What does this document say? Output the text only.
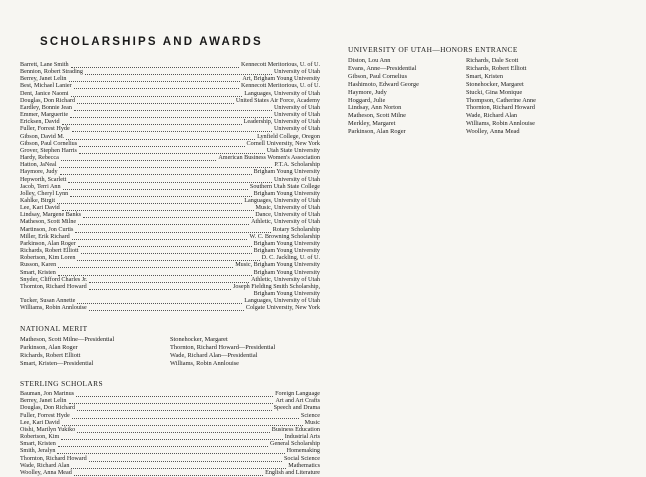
SCHOLARSHIPS AND AWARDS
Barrett, Lane Smith	Kennecott Meritorious, U. of U.
Bennion, Robert Strading	University of Utah
Berrey, Janet Lelin	Art, Brigham Young University
Best, Michael Lanier	Kennecott Meritorious, U. of U.
Dent, Janice Naomi	Languages, University of Utah
Douglas, Don Richard	United States Air Force, Academy
Eardley, Bonnie Jean	University of Utah
Emmer, Marguerite	University of Utah
Ericksen, David	Leadership, University of Utah
Fuller, Forrest Hyde	University of Utah
Gibson, David M.	Lynfield College, Oregon
Gibson, Paul Cornelius	Cornell University, New York
Grover, Stephen Harris	Utah State University
Hardy, Rebecca	American Business Women's Association
Hatton, JaNeal	P.T.A. Scholarship
Haymore, Judy	Brigham Young University
Hepworth, Scarlett	University of Utah
Jacob, Terri Ann	Southern Utah State College
Jolley, Cheryl Lynn	Brigham Young University
Kahlke, Birgit	Languages, University of Utah
Lee, Kari David	Music, University of Utah
Lindsay, Margene Banks	Dance, University of Utah
Matheson, Scott Milne	Athletic, University of Utah
Martinson, Jon Curtis	Rotary Scholarship
Miller, Erik Richard	W. C. Browning Scholarship
Parkinson, Alan Roger	Brigham Young University
Richards, Robert Elliott	Brigham Young University
Robertson, Kim Loren	D. C. Jackling, U. of U.
Russon, Karen	Music, Brigham Young University
Smart, Kristen	Brigham Young University
Snyder, Clifford Charles Jr.	Athletic, University of Utah
Thornton, Richard Howard	Joseph Fielding Smith Scholarship,
Brigham Young University
Tucker, Susan Annette	Languages, University of Utah
Williams, Robin Annlouise	Colgate University, New York

NATIONAL MERIT

Matheson, Scott Milne—Presidential
Parkinson, Alan Roger
Richards, Robert Elliott
Smart, Kristen—Presidential
Stonehocker, Margaret
Thornton, Richard Howard—Presidential
Wade, Richard Alan—Presidential
Williams, Robin Annlouise

STERLING SCHOLARS

Bauman, Jon Marinus	Foreign Language
Berrey, Janet Lelin	Art and Art Crafts
Douglas, Don Richard	Speech and Drama
Fuller, Forrest Hyde	Science
Lee, Kari David	Music
Oishi, Marilyn Yukiko	Business Education
Robertson, Kim	Industrial Arts
Smart, Kristen	General Scholarship
Smith, Jeralyn	Homemaking
Thornton, Richard Howard	Social Science
Wade, Richard Alan	Mathematics
Woolley, Anna Mead	English and Literature

UNIVERSITY OF UTAH—HONORS ENTRANCE

Diston, Lou Ann
Evans, Anne—Presidential
Gibson, Paul Cornelius
Hashimoto, Edward George
Haymore, Judy
Hoggard, Julie
Lindsay, Ann Norton
Matheson, Scott Milne
Merkley, Margaret
Parkinson, Alan Roger
Richards, Dale Scott
Richards, Robert Elliott
Smart, Kristen
Stonehocker, Margaret
Stucki, Gina Monique
Thompson, Catherine Anne
Thornton, Richard Howard
Wade, Richard Alan
Williams, Robin Annlouise
Woolley, Anna Mead
